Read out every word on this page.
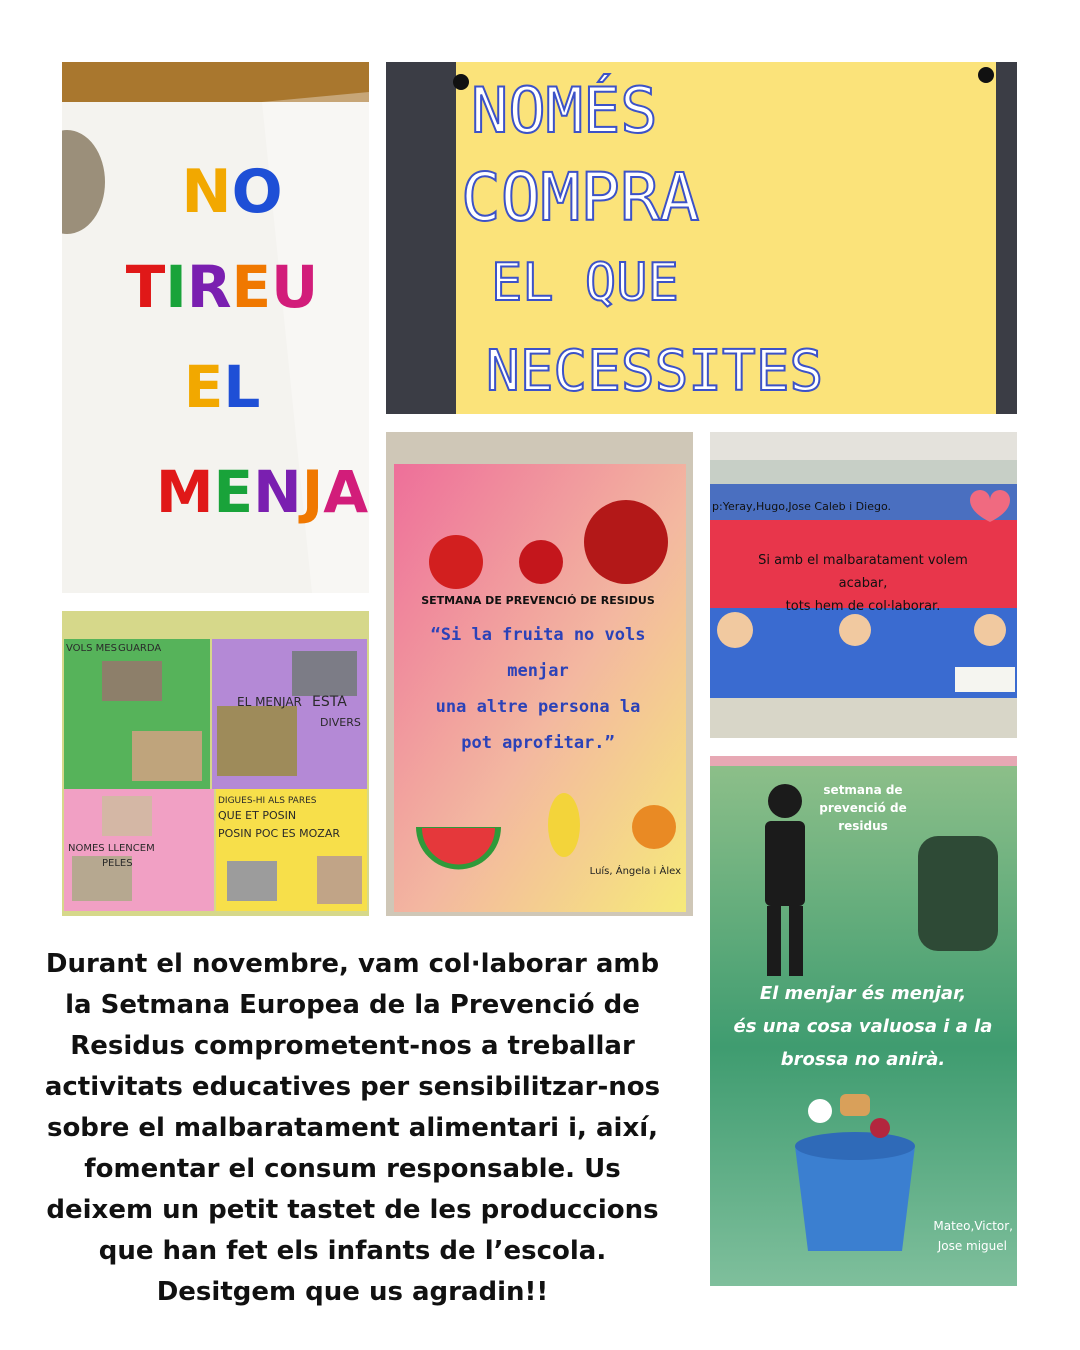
NO
TIREU
EL
MENJA
NOMÉS
COMPRA
EL QUE
NECESSITES
VOLS MES GUARDA
EL MENJAR ESTA
DIVERS
NOMES LLENCEM
PELES
DIGUES-HI ALS PARES
QUE ET POSIN
POSIN POC ES MOZAR
SETMANA DE PREVENCIÓ DE RESIDUS
“Si la fruita no vols
menjar
una altre persona la
pot aprofitar.”
Luís, Ángela i Àlex
p:Yeray,Hugo,Jose Caleb i Diego.
Si amb el malbaratament volem
acabar,
tots hem de col·laborar.
setmana de
prevenció de
residus
El menjar és menjar,
és una cosa valuosa i a la
brossa no anirà.
Mateo,Victor,
Jose miguel

Durant el novembre, vam col·laborar amb
la Setmana Europea de la Prevenció de
Residus comprometent-nos a treballar
activitats educatives per sensibilitzar-nos
sobre el malbaratament alimentari i, així,
fomentar el consum responsable. Us
deixem un petit tastet de les produccions
que han fet els infants de l’escola.
Desitgem que us agradin!!
